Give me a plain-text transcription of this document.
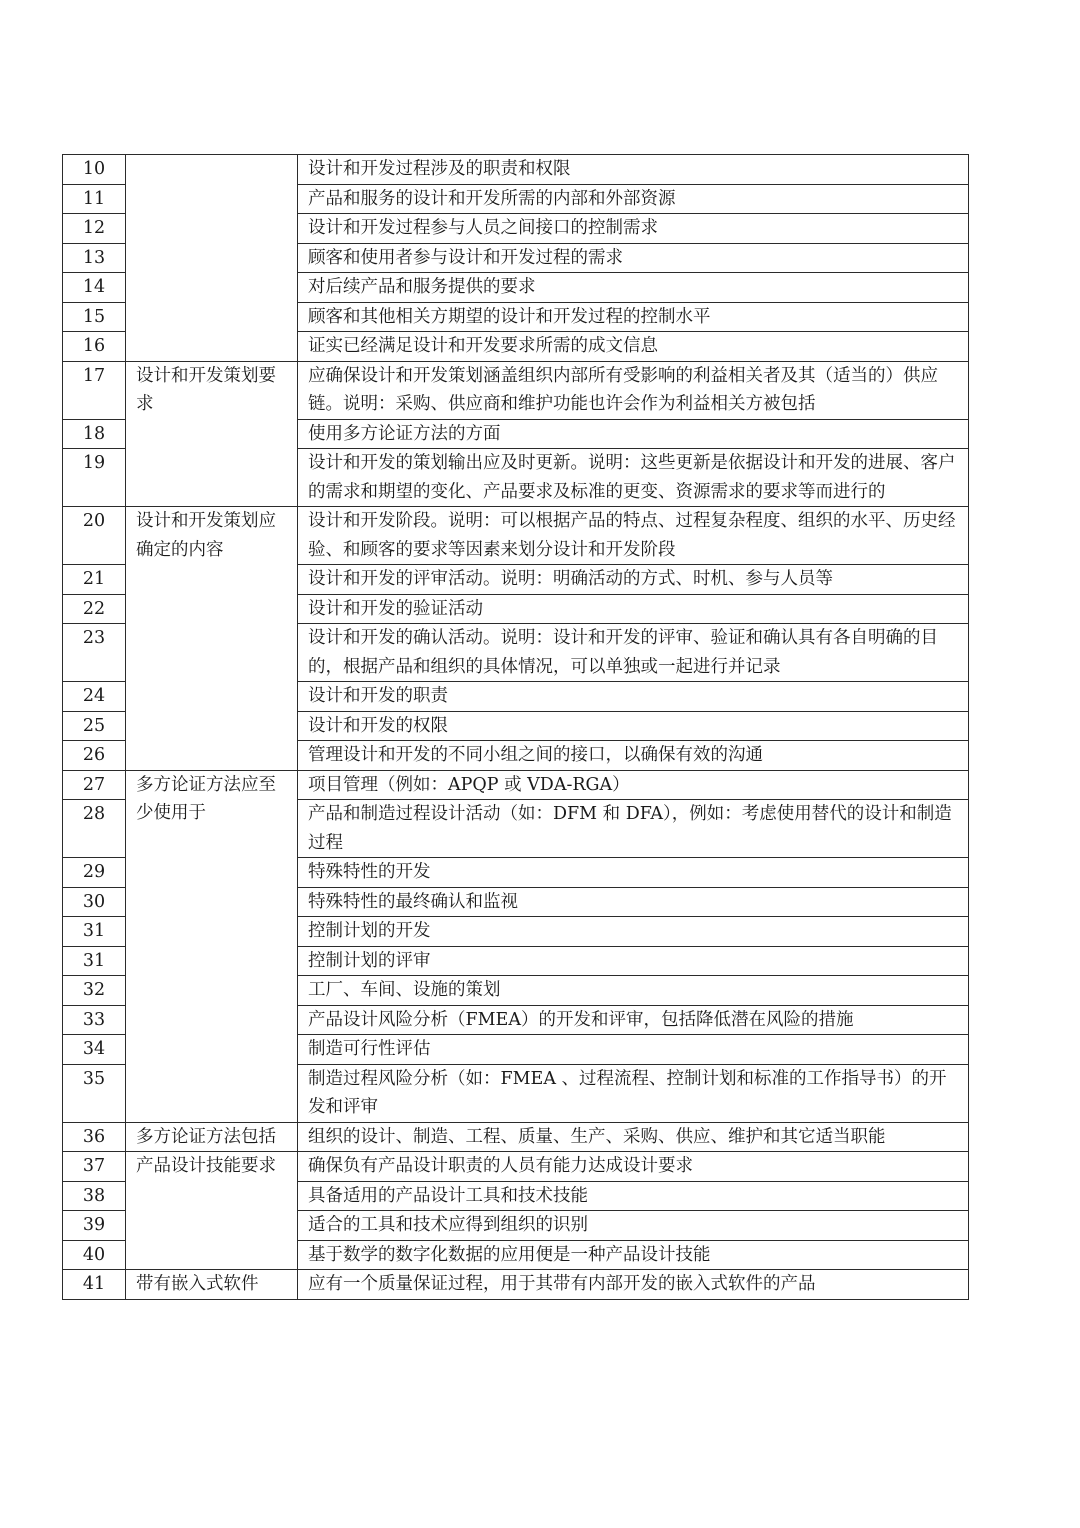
10		设计和开发过程涉及的职责和权限
11		产品和服务的设计和开发所需的内部和外部资源
12		设计和开发过程参与人员之间接口的控制需求
13		顾客和使用者参与设计和开发过程的需求
14		对后续产品和服务提供的要求
15		顾客和其他相关方期望的设计和开发过程的控制水平
16		证实已经满足设计和开发要求所需的成文信息
17	设计和开发策划要求	应确保设计和开发策划涵盖组织内部所有受影响的利益相关者及其（适当的）供应链。说明：采购、供应商和维护功能也许会作为利益相关方被包括
18		使用多方论证方法的方面
19		设计和开发的策划输出应及时更新。说明：这些更新是依据设计和开发的进展、客户的需求和期望的变化、产品要求及标准的更变、资源需求的要求等而进行的
20	设计和开发策划应确定的内容	设计和开发阶段。说明：可以根据产品的特点、过程复杂程度、组织的水平、历史经验、和顾客的要求等因素来划分设计和开发阶段
21		设计和开发的评审活动。说明：明确活动的方式、时机、参与人员等
22		设计和开发的验证活动
23		设计和开发的确认活动。说明：设计和开发的评审、验证和确认具有各自明确的目的，根据产品和组织的具体情况，可以单独或一起进行并记录
24		设计和开发的职责
25		设计和开发的权限
26		管理设计和开发的不同小组之间的接口，以确保有效的沟通
27	多方论证方法应至少使用于	项目管理（例如：APQP 或 VDA-RGA）
28		产品和制造过程设计活动（如：DFM 和 DFA），例如：考虑使用替代的设计和制造过程
29		特殊特性的开发
30		特殊特性的最终确认和监视
31		控制计划的开发
31		控制计划的评审
32		工厂、车间、设施的策划
33		产品设计风险分析（FMEA）的开发和评审，包括降低潜在风险的措施
34		制造可行性评估
35		制造过程风险分析（如：FMEA 、过程流程、控制计划和标准的工作指导书）的开发和评审
36	多方论证方法包括	组织的设计、制造、工程、质量、生产、采购、供应、维护和其它适当职能
37	产品设计技能要求	确保负有产品设计职责的人员有能力达成设计要求
38		具备适用的产品设计工具和技术技能
39		适合的工具和技术应得到组织的识别
40		基于数学的数字化数据的应用便是一种产品设计技能
41	带有嵌入式软件	应有一个质量保证过程，用于其带有内部开发的嵌入式软件的产品
